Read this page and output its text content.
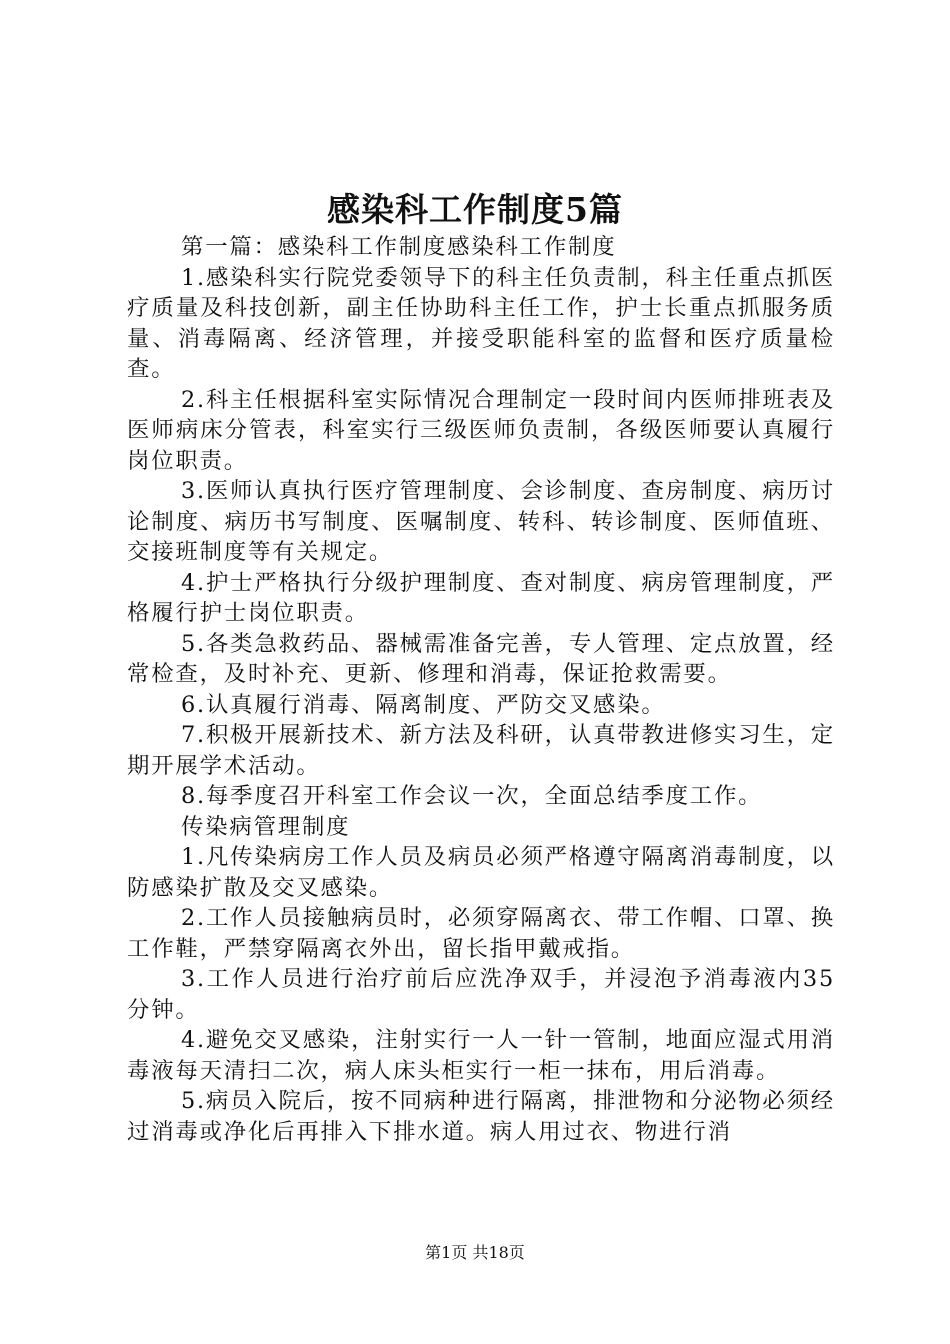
感染科工作制度5篇

第一篇：感染科工作制度感染科工作制度

1.感染科实行院党委领导下的科主任负责制，科主任重点抓医疗质量及科技创新，副主任协助科主任工作，护士长重点抓服务质量、消毒隔离、经济管理，并接受职能科室的监督和医疗质量检查。

2.科主任根据科室实际情况合理制定一段时间内医师排班表及医师病床分管表，科室实行三级医师负责制，各级医师要认真履行岗位职责。

3.医师认真执行医疗管理制度、会诊制度、查房制度、病历讨论制度、病历书写制度、医嘱制度、转科、转诊制度、医师值班、交接班制度等有关规定。

4.护士严格执行分级护理制度、查对制度、病房管理制度，严格履行护士岗位职责。

5.各类急救药品、器械需准备完善，专人管理、定点放置，经常检查，及时补充、更新、修理和消毒，保证抢救需要。

6.认真履行消毒、隔离制度、严防交叉感染。

7.积极开展新技术、新方法及科研，认真带教进修实习生，定期开展学术活动。

8.每季度召开科室工作会议一次，全面总结季度工作。

传染病管理制度

1.凡传染病房工作人员及病员必须严格遵守隔离消毒制度，以防感染扩散及交叉感染。

2.工作人员接触病员时，必须穿隔离衣、带工作帽、口罩、换工作鞋，严禁穿隔离衣外出，留长指甲戴戒指。

3.工作人员进行治疗前后应洗净双手，并浸泡予消毒液内35分钟。

4.避免交叉感染，注射实行一人一针一管制，地面应湿式用消毒液每天清扫二次，病人床头柜实行一柜一抹布，用后消毒。

5.病员入院后，按不同病种进行隔离，排泄物和分泌物必须经过消毒或净化后再排入下排水道。病人用过衣、物进行消

第1页 共18页
